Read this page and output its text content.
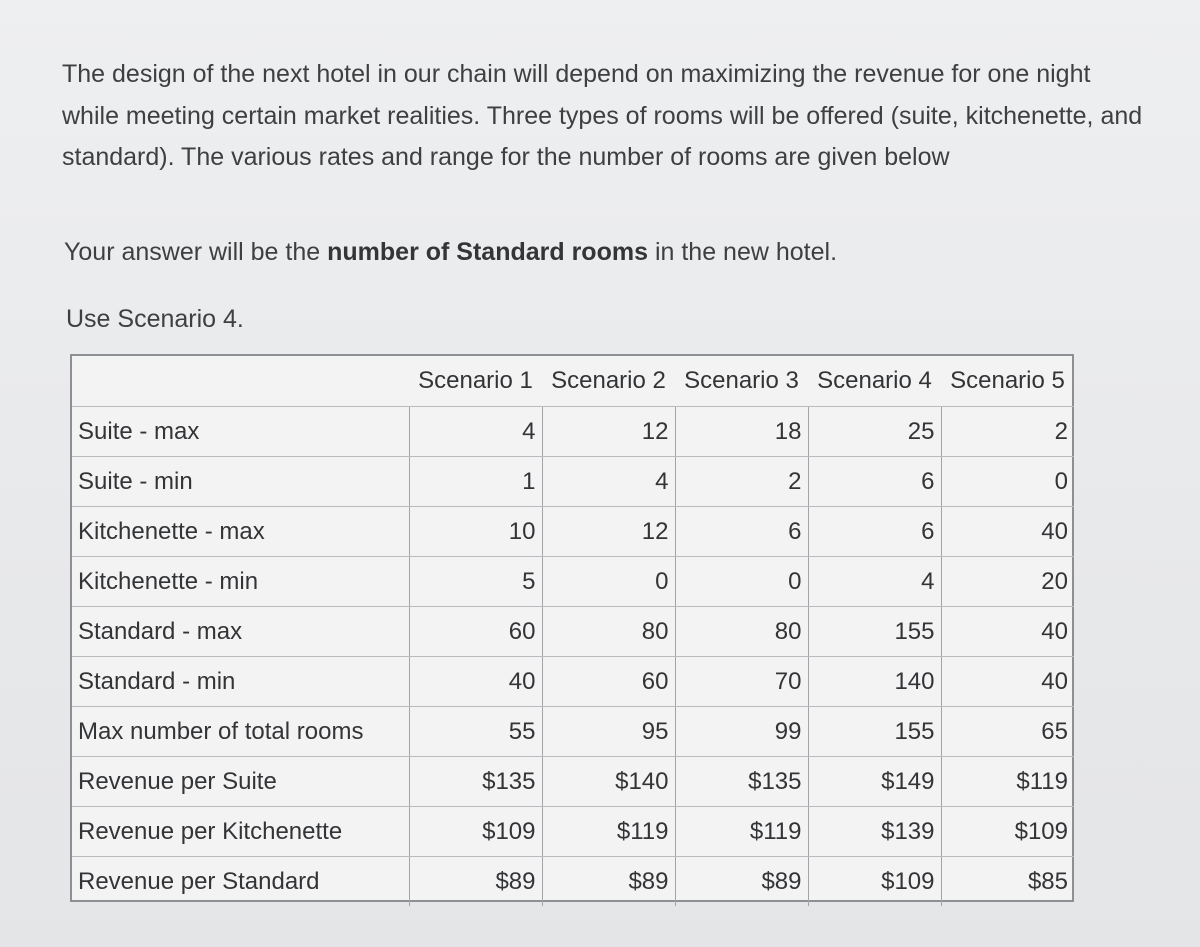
The design of the next hotel in our chain will depend on maximizing the revenue for one night while meeting certain market realities. Three types of rooms will be offered (suite, kitchenette, and standard). The various rates and range for the number of rooms are given below

Your answer will be the number of Standard rooms in the new hotel.

Use Scenario 4.

	Scenario 1	Scenario 2	Scenario 3	Scenario 4	Scenario 5
Suite - max	4	12	18	25	2
Suite - min	1	4	2	6	0
Kitchenette - max	10	12	6	6	40
Kitchenette - min	5	0	0	4	20
Standard - max	60	80	80	155	40
Standard - min	40	60	70	140	40
Max number of total rooms	55	95	99	155	65
Revenue per Suite	$135	$140	$135	$149	$119
Revenue per Kitchenette	$109	$119	$119	$139	$109
Revenue per Standard	$89	$89	$89	$109	$85
